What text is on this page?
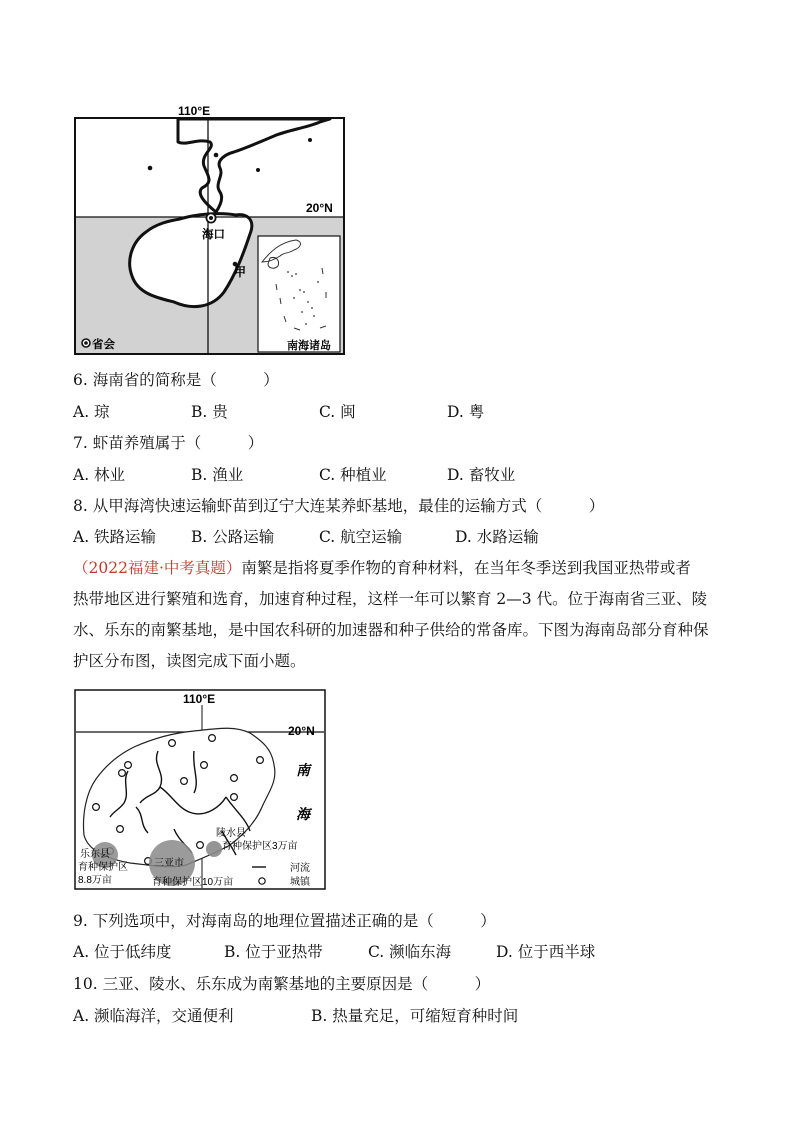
110°E
20°N
海口
甲
省会	南海诸岛
6. 海南省的简称是（　　　）
A. 琼	B. 贵	C. 闽	D. 粤
7. 虾苗养殖属于（　　　）
A. 林业	B. 渔业	C. 种植业	D. 畜牧业
8. 从甲海湾快速运输虾苗到辽宁大连某养虾基地，最佳的运输方式（　　　）
A. 铁路运输 B. 公路运输	C. 航空运输	D. 水路运输
（2022福建·中考真题）南繁是指将夏季作物的育种材料，在当年冬季送到我国亚热带或者
热带地区进行繁殖和选育，加速育种过程，这样一年可以繁育 2—3 代。位于海南省三亚、陵
水、乐东的南繁基地，是中国农科研的加速器和种子供给的常备库。下图为海南岛部分育种保
护区分布图，读图完成下面小题。
110°E
20°N
南
海
陵水县
育种保护区3万亩
乐东县
育种保护区
8.8万亩
三亚市
育种保护区10万亩
河流
城镇
9. 下列选项中，对海南岛的地理位置描述正确的是（　　　）
A. 位于低纬度	B. 位于亚热带	C. 濒临东海	D. 位于西半球
10. 三亚、陵水、乐东成为南繁基地的主要原因是（　　　）
A. 濒临海洋，交通便利	B. 热量充足，可缩短育种时间
